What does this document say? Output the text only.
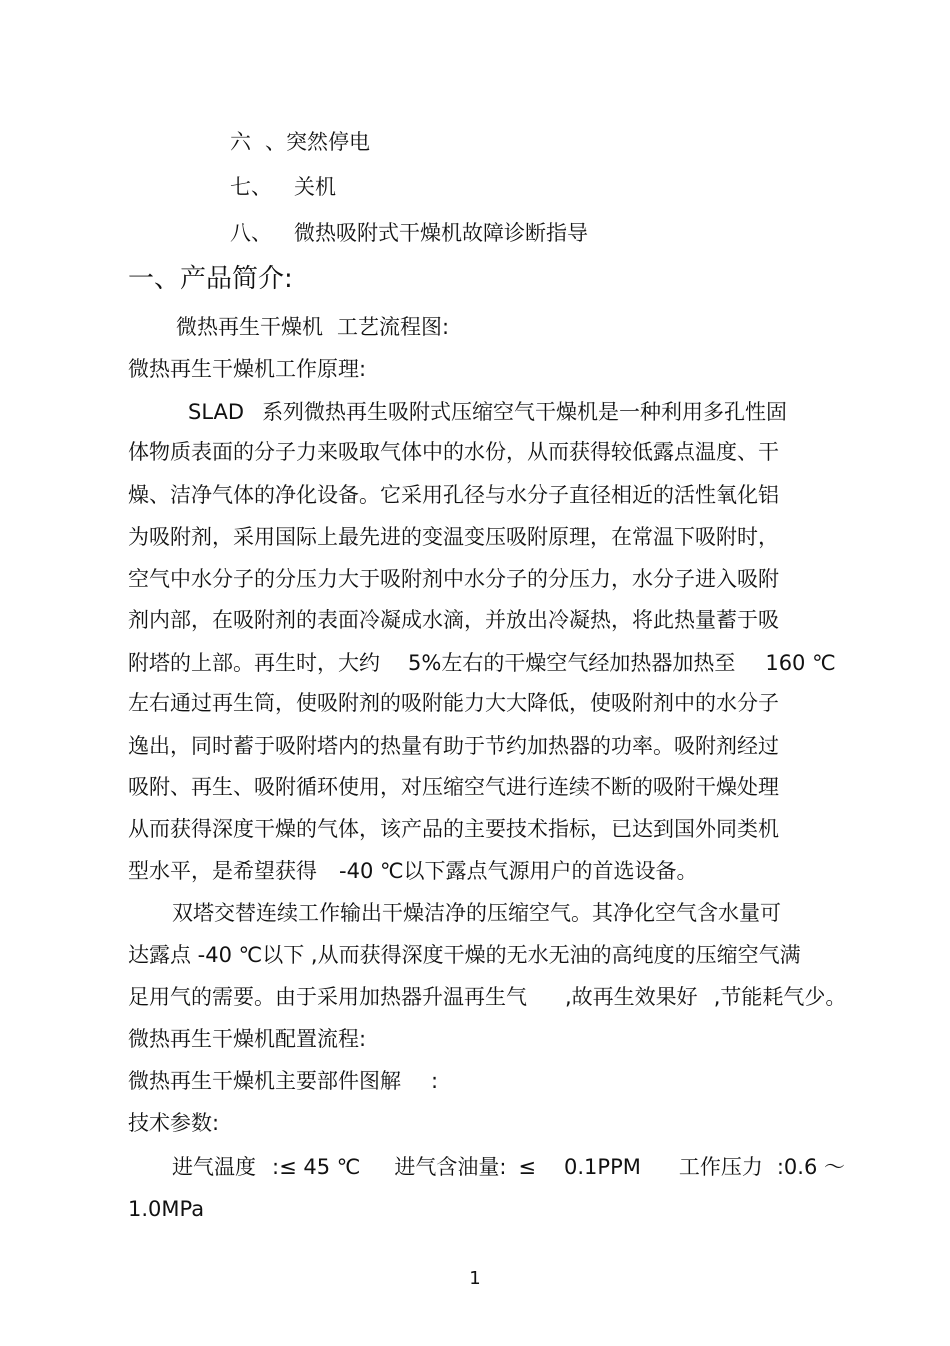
六 、突然停电
七、 关机
八、 微热吸附式干燥机故障诊断指导
一、产品简介:
微热再生干燥机 工艺流程图:
微热再生干燥机工作原理:
SLAD 系列微热再生吸附式压缩空气干燥机是一种利用多孔性固
体物质表面的分子力来吸取气体中的水份，从而获得较低露点温度、干
燥、洁净气体的净化设备。它采用孔径与水分子直径相近的活性氧化铝
为吸附剂，采用国际上最先进的变温变压吸附原理，在常温下吸附时，
空气中水分子的分压力大于吸附剂中水分子的分压力，水分子进入吸附
剂内部，在吸附剂的表面冷凝成水滴，并放出冷凝热，将此热量蓄于吸
附塔的上部。再生时，大约 5%左右的干燥空气经加热器加热至 160 ℃
左右通过再生筒，使吸附剂的吸附能力大大降低，使吸附剂中的水分子
逸出，同时蓄于吸附塔内的热量有助于节约加热器的功率。吸附剂经过
吸附、再生、吸附循环使用，对压缩空气进行连续不断的吸附干燥处理
从而获得深度干燥的气体，该产品的主要技术指标，已达到国外同类机
型水平，是希望获得 -40 ℃以下露点气源用户的首选设备。
双塔交替连续工作输出干燥洁净的压缩空气。其净化空气含水量可
达露点 -40 ℃以下 ,从而获得深度干燥的无水无油的高纯度的压缩空气满
足用气的需要。由于采用加热器升温再生气 ,故再生效果好 ,节能耗气少。
微热再生干燥机配置流程:
微热再生干燥机主要部件图解 :
技术参数:
进气温度 :≤ 45 ℃ 进气含油量: ≤ 0.1PPM 工作压力 :0.6 ～
1.0MPa
1
